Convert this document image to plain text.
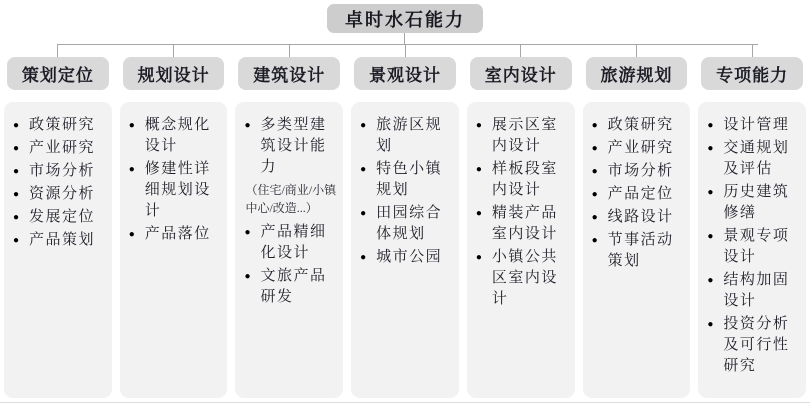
卓时水石能力
策划定位
● 政策研究
● 产业研究
● 市场分析
● 资源分析
● 发展定位
● 产品策划
规划设计
● 概念规化设计
● 修建性详细规划设计
● 产品落位
建筑设计
● 多类型建筑设计能力
（住宅/商业/小镇中心/改造...）
● 产品精细化设计
● 文旅产品研发
景观设计
● 旅游区规划
● 特色小镇规划
● 田园综合体规划
● 城市公园
室内设计
● 展示区室内设计
● 样板段室内设计
● 精装产品室内设计
● 小镇公共区室内设计
旅游规划
● 政策研究
● 产业研究
● 市场分析
● 产品定位
● 线路设计
● 节事活动策划
专项能力
● 设计管理
● 交通规划及评估
● 历史建筑修缮
● 景观专项设计
● 结构加固设计
● 投资分析及可行性研究
